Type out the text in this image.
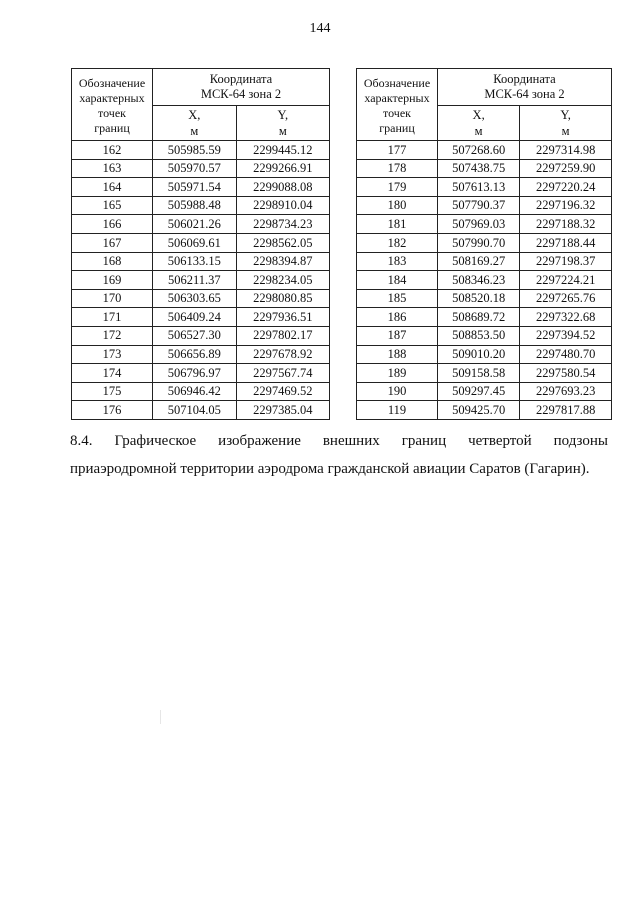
144
Обозначение
характерных
точек
границ	Координата
МСК-64 зона 2	
	X,
м	Y,
м
162	505985.59	2299445.12
163	505970.57	2299266.91
164	505971.54	2299088.08
165	505988.48	2298910.04
166	506021.26	2298734.23
167	506069.61	2298562.05
168	506133.15	2298394.87
169	506211.37	2298234.05
170	506303.65	2298080.85
171	506409.24	2297936.51
172	506527.30	2297802.17
173	506656.89	2297678.92
174	506796.97	2297567.74
175	506946.42	2297469.52
176	507104.05	2297385.04
Обозначение
характерных
точек
границ	Координата
МСК-64 зона 2	
	X,
м	Y,
м
177	507268.60	2297314.98
178	507438.75	2297259.90
179	507613.13	2297220.24
180	507790.37	2297196.32
181	507969.03	2297188.32
182	507990.70	2297188.44
183	508169.27	2297198.37
184	508346.23	2297224.21
185	508520.18	2297265.76
186	508689.72	2297322.68
187	508853.50	2297394.52
188	509010.20	2297480.70
189	509158.58	2297580.54
190	509297.45	2297693.23
119	509425.70	2297817.88
8.4. Графическое изображение внешних границ четвертой подзоны
приаэродромной территории аэродрома гражданской авиации Саратов (Гагарин).
